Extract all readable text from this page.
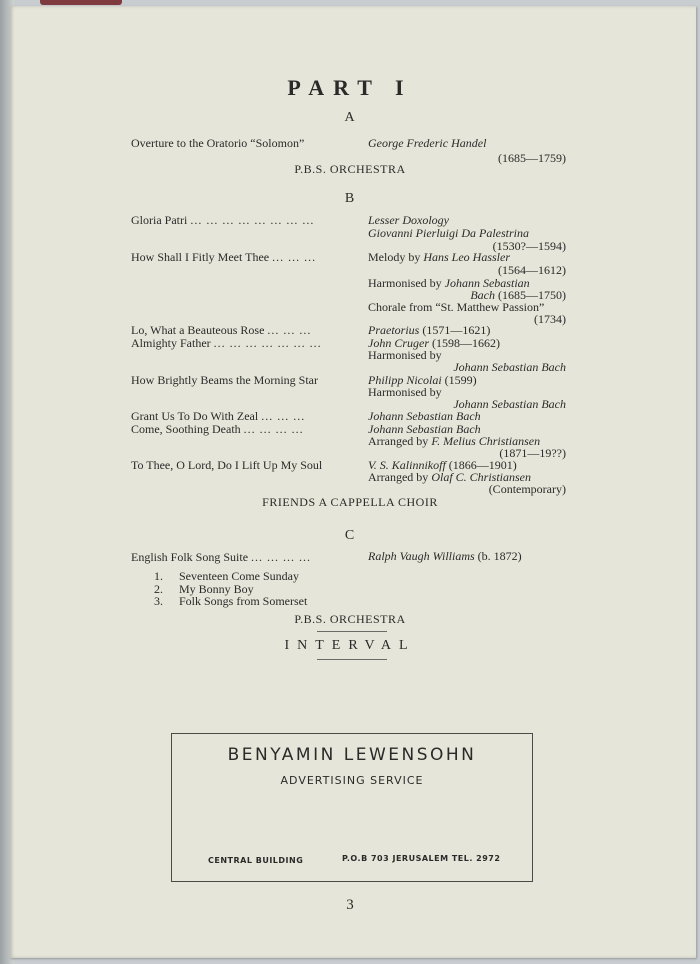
PART I
A
Overture to the Oratorio “Solomon”	George Frederic Handel
(1685—1759)
P.B.S. ORCHESTRA
B
Gloria Patri ... ... ... ... ... ... ... ...	Lesser Doxology
Giovanni Pierluigi Da Palestrina
(1530?—1594)
How Shall I Fitly Meet Thee ... ... ...	Melody by Hans Leo Hassler
(1564—1612)
Harmonised by Johann Sebastian
Bach (1685—1750)
Chorale from “St. Matthew Passion”
(1734)
Lo, What a Beauteous Rose ... ... ...	Praetorius (1571—1621)
Almighty Father ... ... ... ... ... ... ...	John Cruger (1598—1662)
Harmonised by
Johann Sebastian Bach
How Brightly Beams the Morning Star	Philipp Nicolai (1599)
Harmonised by
Johann Sebastian Bach
Grant Us To Do With Zeal ... ... ...	Johann Sebastian Bach
Come, Soothing Death ... ... ... ...	Johann Sebastian Bach
Arranged by F. Melius Christiansen
(1871—19??)
To Thee, O Lord, Do I Lift Up My Soul	V. S. Kalinnikoff (1866—1901)
Arranged by Olaf C. Christiansen
(Contemporary)
FRIENDS A CAPPELLA CHOIR
C
English Folk Song Suite ... ... ... ...	Ralph Vaugh Williams (b. 1872)
1. Seventeen Come Sunday
2. My Bonny Boy
3. Folk Songs from Somerset
P.B.S. ORCHESTRA
INTERVAL
BENYAMIN LEWENSOHN
ADVERTISING SERVICE
CENTRAL BUILDING	P.O.B 703 JERUSALEM TEL. 2972
3
